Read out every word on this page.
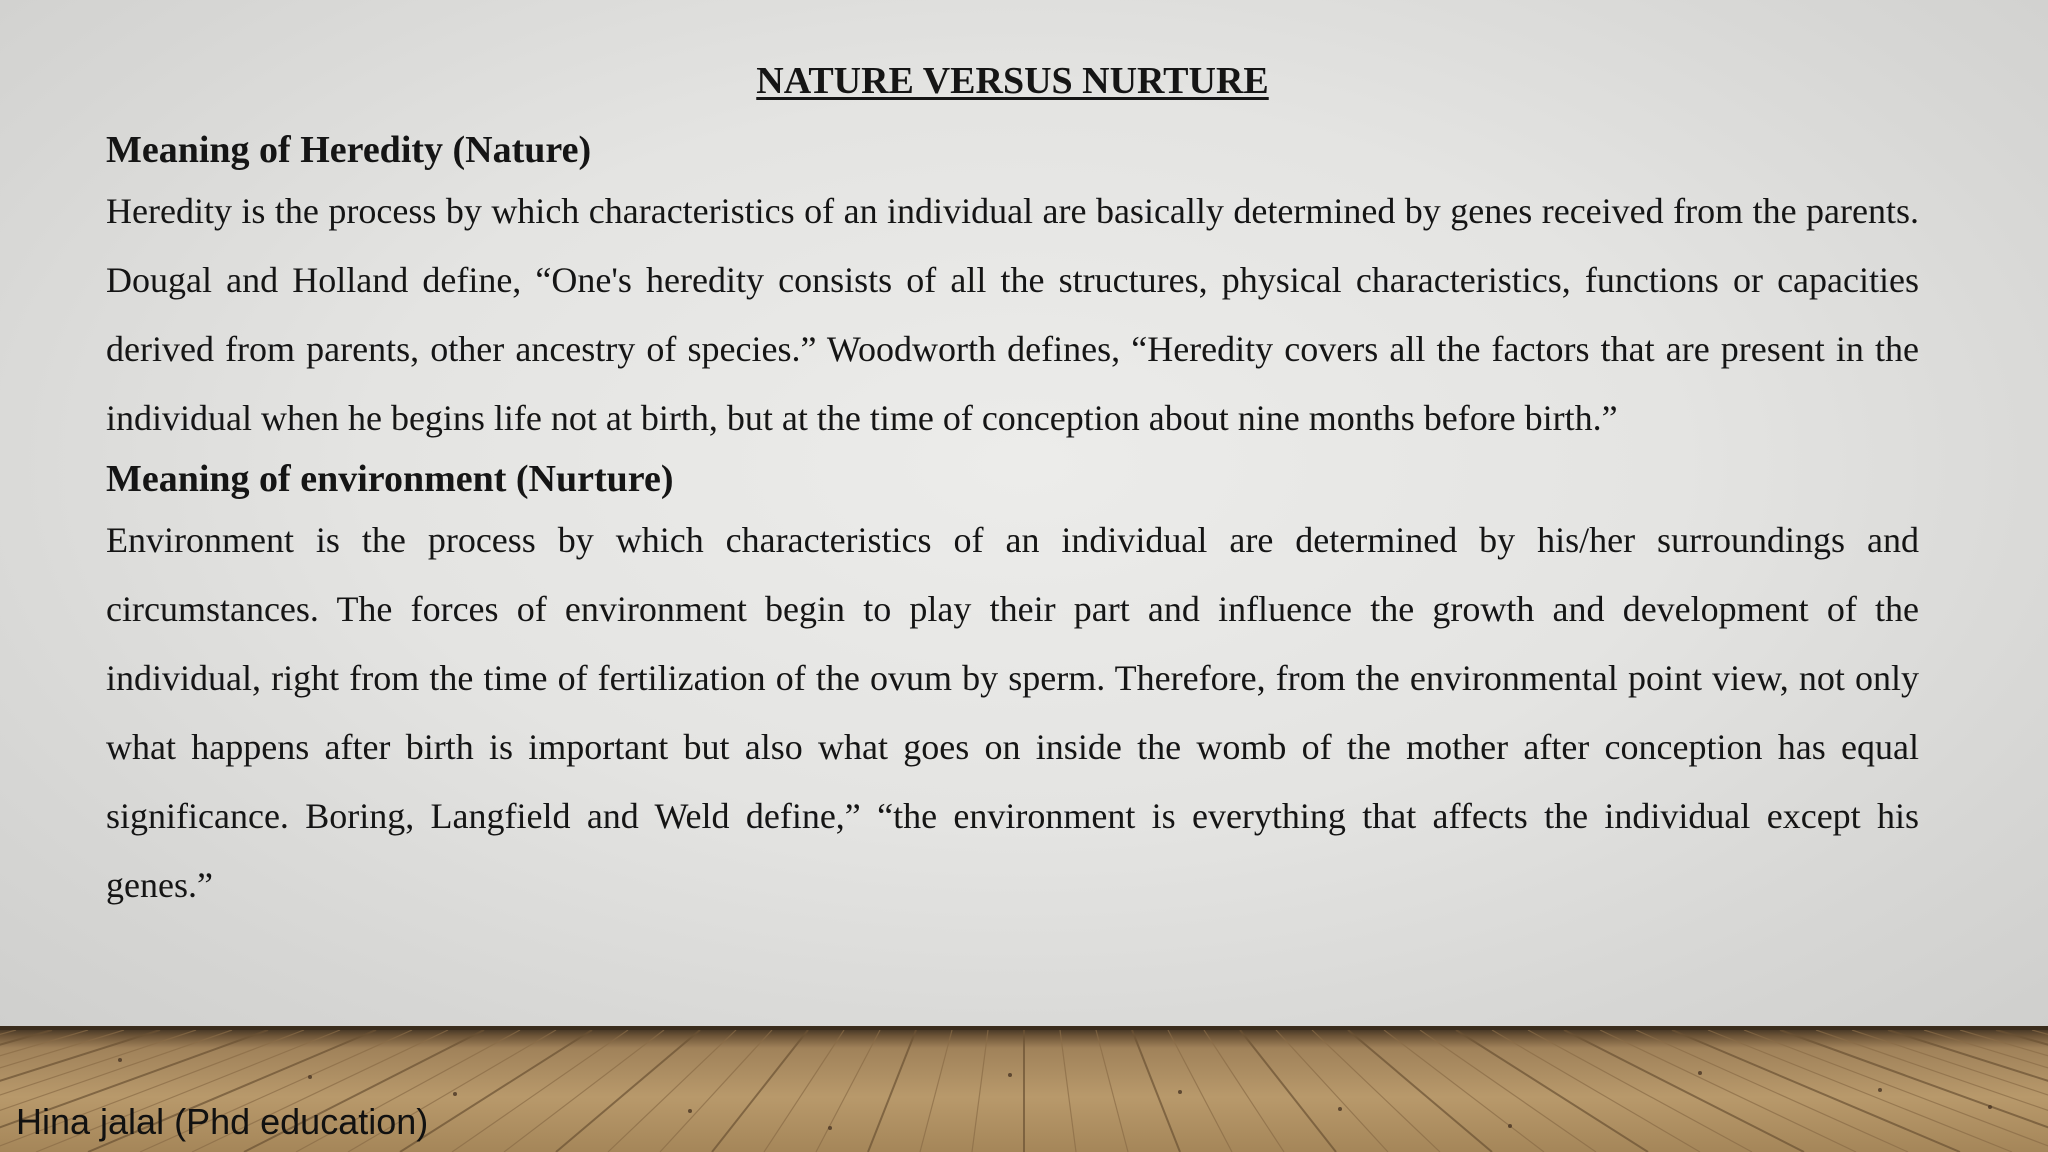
NATURE VERSUS NURTURE
Meaning of Heredity (Nature)

Heredity is the process by which characteristics of an individual are basically determined by genes received from the parents. Dougal and Holland define, “One's heredity consists of all the structures, physical characteristics, functions or capacities derived from parents, other ancestry of species.” Woodworth defines, “Heredity covers all the factors that are present in the individual when he begins life not at birth, but at the time of conception about nine months before birth.”

Meaning of environment (Nurture)

Environment is the process by which characteristics of an individual are determined by his/her surroundings and circumstances. The forces of environment begin to play their part and influence the growth and development of the individual, right from the time of fertilization of the ovum by sperm. Therefore, from the environmental point view, not only what happens after birth is important but also what goes on inside the womb of the mother after conception has equal significance. Boring, Langfield and Weld define,” “the environment is everything that affects the individual except his genes.”

Hina jalal (Phd education)
